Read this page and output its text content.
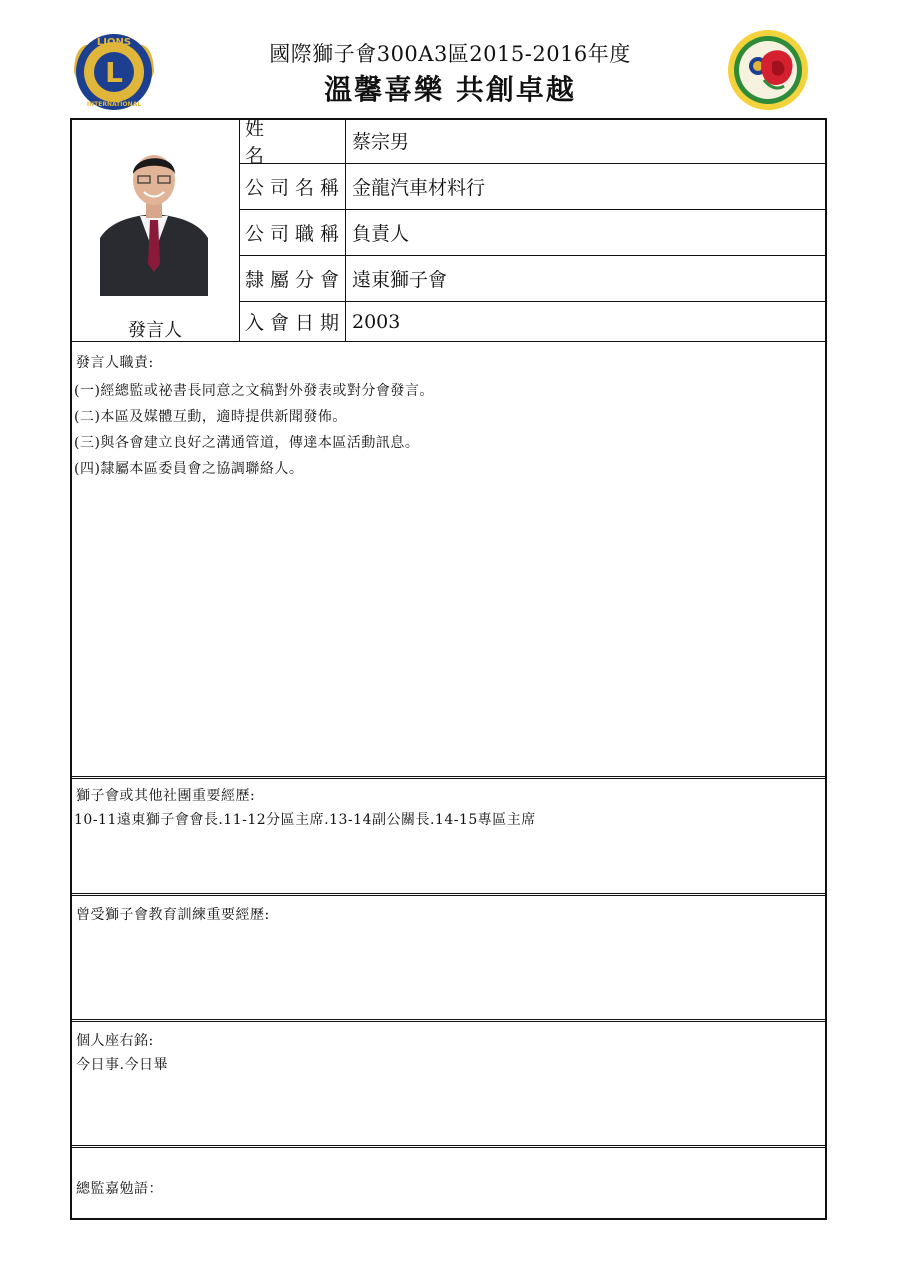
L
LIONS
INTERNATIONAL
國際獅子會300A3區2015-2016年度
溫馨喜樂 共創卓越
發言人
姓名
蔡宗男
公司名稱 金龍汽車材料行
公司職稱 負責人
隸屬分會 遠東獅子會
入會日期 2003
發言人職責:
(一)經總監或祕書長同意之文稿對外發表或對分會發言。
(二)本區及媒體互動，適時提供新聞發佈。
(三)與各會建立良好之溝通管道，傳達本區活動訊息。
(四)隸屬本區委員會之協調聯絡人。
獅子會或其他社團重要經歷:
10-11遠東獅子會會長.11-12分區主席.13-14副公關長.14-15專區主席
曾受獅子會教育訓練重要經歷:
個人座右銘:
今日事.今日畢
總監嘉勉語：
